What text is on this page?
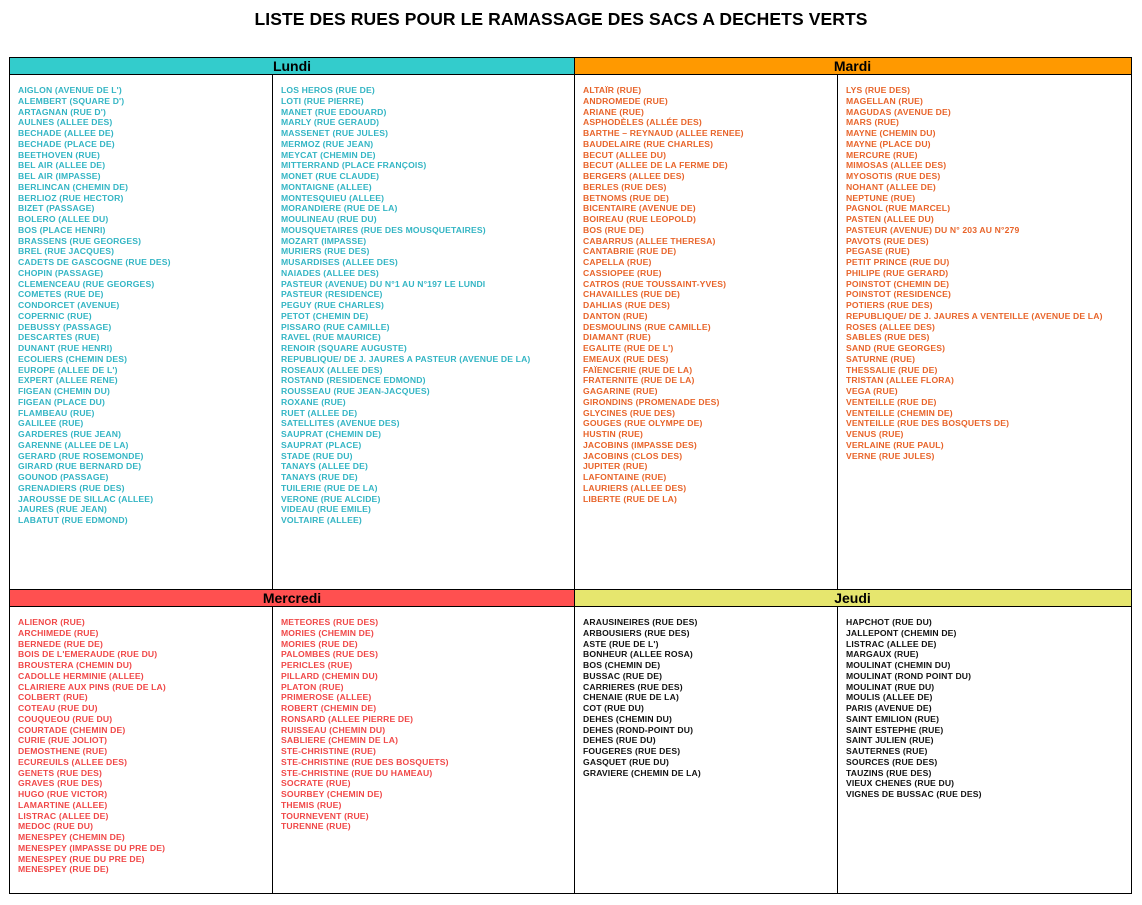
LISTE DES RUES POUR LE RAMASSAGE DES SACS A DECHETS VERTS
Lundi	Mardi
AIGLON (AVENUE DE L')
ALEMBERT (SQUARE D')
ARTAGNAN (RUE D')
AULNES (ALLEE DES)
BECHADE (ALLEE DE)
BECHADE (PLACE DE)
BEETHOVEN (RUE)
BEL AIR (ALLEE DE)
BEL AIR (IMPASSE)
BERLINCAN (CHEMIN DE)
BERLIOZ (RUE HECTOR)
BIZET (PASSAGE)
BOLERO (ALLEE DU)
BOS (PLACE HENRI)
BRASSENS (RUE GEORGES)
BREL (RUE JACQUES)
CADETS DE GASCOGNE (RUE DES)
CHOPIN (PASSAGE)
CLEMENCEAU (RUE GEORGES)
COMETES (RUE DE)
CONDORCET (AVENUE)
COPERNIC (RUE)
DEBUSSY (PASSAGE)
DESCARTES (RUE)
DUNANT (RUE HENRI)
ECOLIERS (CHEMIN DES)
EUROPE (ALLEE DE L')
EXPERT (ALLEE RENE)
FIGEAN (CHEMIN DU)
FIGEAN (PLACE DU)
FLAMBEAU (RUE)
GALILEE (RUE)
GARDERES (RUE JEAN)
GARENNE (ALLEE DE LA)
GERARD (RUE ROSEMONDE)
GIRARD (RUE BERNARD DE)
GOUNOD (PASSAGE)
GRENADIERS (RUE DES)
JAROUSSE DE SILLAC (ALLEE)
JAURES (RUE JEAN)
LABATUT (RUE EDMOND)
LOS HEROS (RUE DE)
LOTI (RUE PIERRE)
MANET (RUE EDOUARD)
MARLY (RUE GERAUD)
MASSENET (RUE JULES)
MERMOZ (RUE JEAN)
MEYCAT (CHEMIN DE)
MITTERRAND (PLACE FRANÇOIS)
MONET (RUE CLAUDE)
MONTAIGNE (ALLEE)
MONTESQUIEU (ALLEE)
MORANDIERE (RUE DE LA)
MOULINEAU (RUE DU)
MOUSQUETAIRES (RUE DES MOUSQUETAIRES)
MOZART (IMPASSE)
MURIERS (RUE DES)
MUSARDISES (ALLEE DES)
NAIADES (ALLEE DES)
PASTEUR (AVENUE) DU N°1 AU N°197 LE LUNDI
PASTEUR (RESIDENCE)
PEGUY (RUE CHARLES)
PETOT (CHEMIN DE)
PISSARO (RUE CAMILLE)
RAVEL (RUE MAURICE)
RENOIR (SQUARE AUGUSTE)
REPUBLIQUE/ DE J. JAURES A PASTEUR (AVENUE DE LA)
ROSEAUX (ALLEE DES)
ROSTAND (RESIDENCE EDMOND)
ROUSSEAU (RUE JEAN-JACQUES)
ROXANE (RUE)
RUET (ALLEE DE)
SATELLITES (AVENUE DES)
SAUPRAT (CHEMIN DE)
SAUPRAT (PLACE)
STADE (RUE DU)
TANAYS (ALLEE DE)
TANAYS (RUE DE)
TUILERIE (RUE DE LA)
VERONE (RUE ALCIDE)
VIDEAU (RUE EMILE)
VOLTAIRE (ALLEE)
ALTAÏR (RUE)
ANDROMEDE (RUE)
ARIANE (RUE)
ASPHODÈLES (ALLÉE DES)
BARTHE – REYNAUD (ALLEE RENEE)
BAUDELAIRE (RUE CHARLES)
BECUT (ALLEE DU)
BECUT (ALLEE DE LA FERME DE)
BERGERS (ALLEE DES)
BERLES (RUE DES)
BETNOMS (RUE DE)
BICENTAIRE (AVENUE DE)
BOIREAU (RUE LEOPOLD)
BOS (RUE DE)
CABARRUS (ALLEE THERESA)
CANTABRIE (RUE DE)
CAPELLA (RUE)
CASSIOPEE (RUE)
CATROS (RUE TOUSSAINT-YVES)
CHAVAILLES (RUE DE)
DAHLIAS (RUE DES)
DANTON (RUE)
DESMOULINS (RUE CAMILLE)
DIAMANT (RUE)
EGALITE (RUE DE L')
EMEAUX (RUE DES)
FAÏENCERIE (RUE DE LA)
FRATERNITE (RUE DE LA)
GAGARINE (RUE)
GIRONDINS (PROMENADE DES)
GLYCINES (RUE DES)
GOUGES (RUE OLYMPE DE)
HUSTIN (RUE)
JACOBINS (IMPASSE DES)
JACOBINS (CLOS DES)
JUPITER (RUE)
LAFONTAINE (RUE)
LAURIERS (ALLEE DES)
LIBERTE (RUE DE LA)
LYS (RUE DES)
MAGELLAN (RUE)
MAGUDAS (AVENUE DE)
MARS (RUE)
MAYNE (CHEMIN DU)
MAYNE (PLACE DU)
MERCURE (RUE)
MIMOSAS (ALLEE DES)
MYOSOTIS (RUE DES)
NOHANT (ALLEE DE)
NEPTUNE (RUE)
PAGNOL (RUE MARCEL)
PASTEN (ALLEE DU)
PASTEUR (AVENUE) DU N° 203 AU N°279
PAVOTS (RUE DES)
PEGASE (RUE)
PETIT PRINCE (RUE DU)
PHILIPE (RUE GERARD)
POINSTOT (CHEMIN DE)
POINSTOT (RESIDENCE)
POTIERS (RUE DES)
REPUBLIQUE/ DE J. JAURES A VENTEILLE (AVENUE DE LA)
ROSES (ALLEE DES)
SABLES (RUE DES)
SAND (RUE GEORGES)
SATURNE (RUE)
THESSALIE (RUE DE)
TRISTAN (ALLEE FLORA)
VEGA (RUE)
VENTEILLE (RUE DE)
VENTEILLE (CHEMIN DE)
VENTEILLE (RUE DES BOSQUETS DE)
VENUS (RUE)
VERLAINE (RUE PAUL)
VERNE (RUE JULES)
Mercredi	Jeudi
ALIENOR (RUE)
ARCHIMEDE (RUE)
BERNEDE (RUE DE)
BOIS DE L'EMERAUDE (RUE DU)
BROUSTERA (CHEMIN DU)
CADOLLE HERMINIE (ALLEE)
CLAIRIERE AUX PINS (RUE DE LA)
COLBERT (RUE)
COTEAU (RUE DU)
COUQUEOU (RUE DU)
COURTADE (CHEMIN DE)
CURIE (RUE JOLIOT)
DEMOSTHENE (RUE)
ECUREUILS (ALLEE DES)
GENETS (RUE DES)
GRAVES (RUE DES)
HUGO (RUE VICTOR)
LAMARTINE (ALLEE)
LISTRAC (ALLEE DE)
MEDOC (RUE DU)
MENESPEY (CHEMIN DE)
MENESPEY (IMPASSE DU PRE DE)
MENESPEY (RUE DU PRE DE)
MENESPEY (RUE DE)
METEORES (RUE DES)
MORIES (CHEMIN DE)
MORIES (RUE DE)
PALOMBES (RUE DES)
PERICLES (RUE)
PILLARD (CHEMIN DU)
PLATON (RUE)
PRIMEROSE (ALLEE)
ROBERT (CHEMIN DE)
RONSARD (ALLEE PIERRE DE)
RUISSEAU (CHEMIN DU)
SABLIERE (CHEMIN DE LA)
STE-CHRISTINE (RUE)
STE-CHRISTINE (RUE DES BOSQUETS)
STE-CHRISTINE (RUE DU HAMEAU)
SOCRATE (RUE)
SOURBEY (CHEMIN DE)
THEMIS (RUE)
TOURNEVENT (RUE)
TURENNE (RUE)
ARAUSINEIRES (RUE DES)
ARBOUSIERS (RUE DES)
ASTE (RUE DE L')
BONHEUR (ALLEE ROSA)
BOS (CHEMIN DE)
BUSSAC (RUE DE)
CARRIERES (RUE DES)
CHENAIE (RUE DE LA)
COT (RUE DU)
DEHES (CHEMIN DU)
DEHES (ROND-POINT DU)
DEHES (RUE DU)
FOUGERES (RUE DES)
GASQUET (RUE DU)
GRAVIERE (CHEMIN DE LA)
HAPCHOT (RUE DU)
JALLEPONT (CHEMIN DE)
LISTRAC (ALLEE DE)
MARGAUX (RUE)
MOULINAT (CHEMIN DU)
MOULINAT (ROND POINT DU)
MOULINAT (RUE DU)
MOULIS (ALLEE DE)
PARIS (AVENUE DE)
SAINT EMILION (RUE)
SAINT ESTEPHE (RUE)
SAINT JULIEN (RUE)
SAUTERNES (RUE)
SOURCES (RUE DES)
TAUZINS (RUE DES)
VIEUX CHENES (RUE DU)
VIGNES DE BUSSAC (RUE DES)
